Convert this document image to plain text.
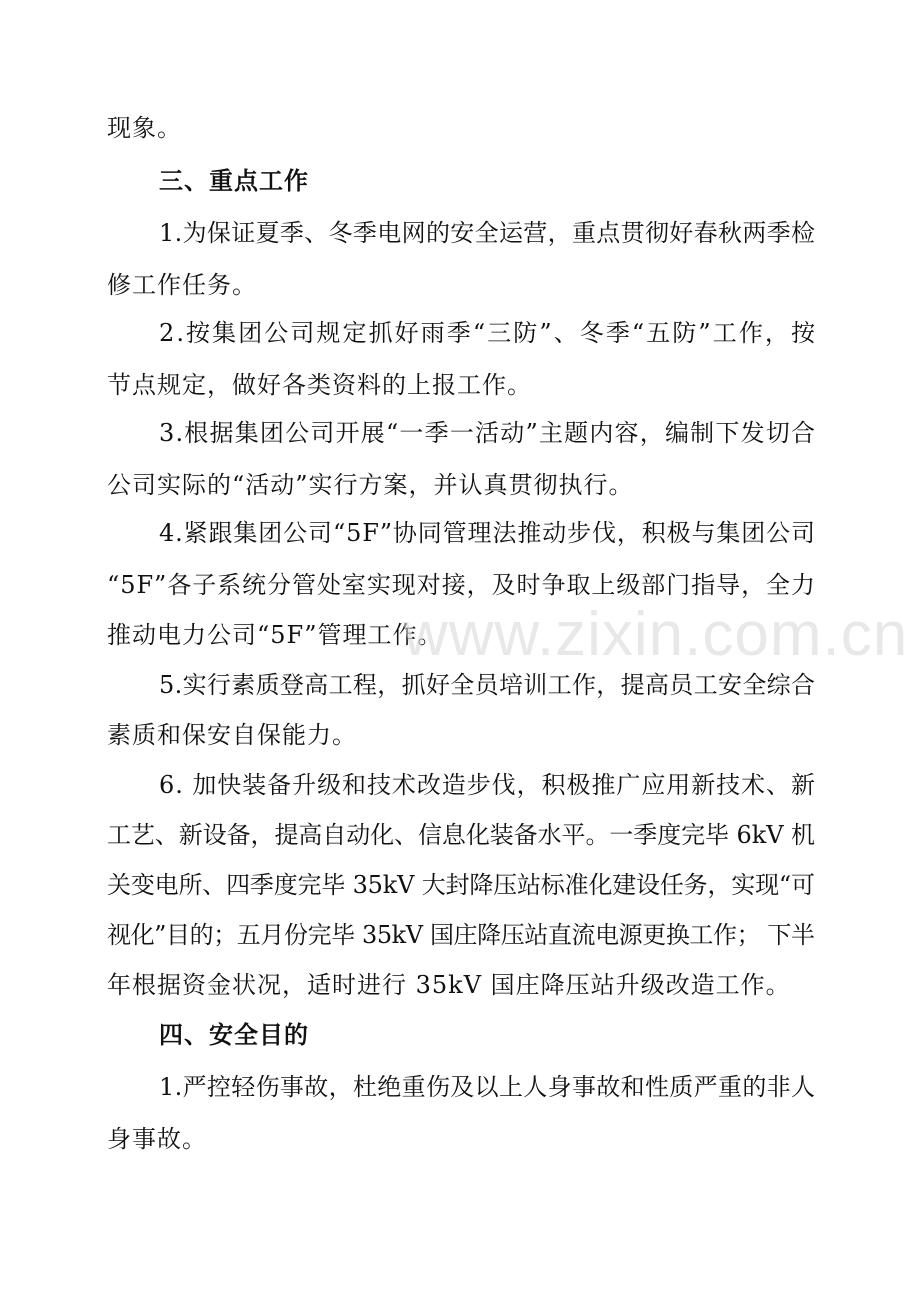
现象。
三、重点工作
1.为保证夏季、冬季电网的安全运营，重点贯彻好春秋两季检
修工作任务。
2.按集团公司规定抓好雨季“三防”、冬季“五防”工作，按
节点规定，做好各类资料的上报工作。
3.根据集团公司开展“一季一活动”主题内容，编制下发切合
公司实际的“活动”实行方案，并认真贯彻执行。
4.紧跟集团公司“5F”协同管理法推动步伐，积极与集团公司
“5F”各子系统分管处室实现对接，及时争取上级部门指导，全力
推动电力公司“5F”管理工作。
5.实行素质登高工程，抓好全员培训工作，提高员工安全综合
素质和保安自保能力。
6. 加快装备升级和技术改造步伐，积极推广应用新技术、新
工艺、新设备，提高自动化、信息化装备水平。一季度完毕 6kV 机
关变电所、四季度完毕 35kV 大封降压站标准化建设任务，实现“可
视化”目的；五月份完毕 35kV 国庄降压站直流电源更换工作； 下半
年根据资金状况，适时进行 35kV 国庄降压站升级改造工作。
四、安全目的
1.严控轻伤事故，杜绝重伤及以上人身事故和性质严重的非人
身事故。
www.zixin.com.cn
